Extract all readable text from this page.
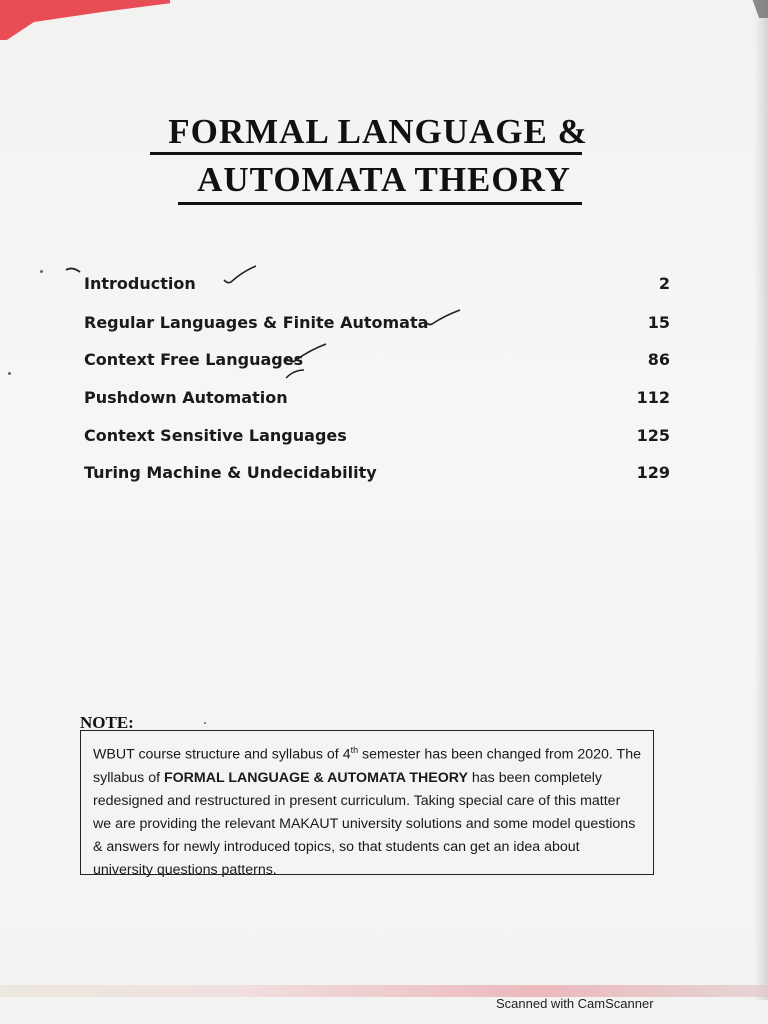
FORMAL LANGUAGE &
AUTOMATA THEORY
Introduction	2
Regular Languages & Finite Automata	15
Context Free Languages	86
Pushdown Automation	112
Context Sensitive Languages	125
Turing Machine & Undecidability	129
NOTE:
WBUT course structure and syllabus of 4th semester has been changed from 2020. The syllabus of FORMAL LANGUAGE & AUTOMATA THEORY has been completely redesigned and restructured in present curriculum. Taking special care of this matter we are providing the relevant MAKAUT university solutions and some model questions & answers for newly introduced topics, so that students can get an idea about university questions patterns.
Scanned with CamScanner
